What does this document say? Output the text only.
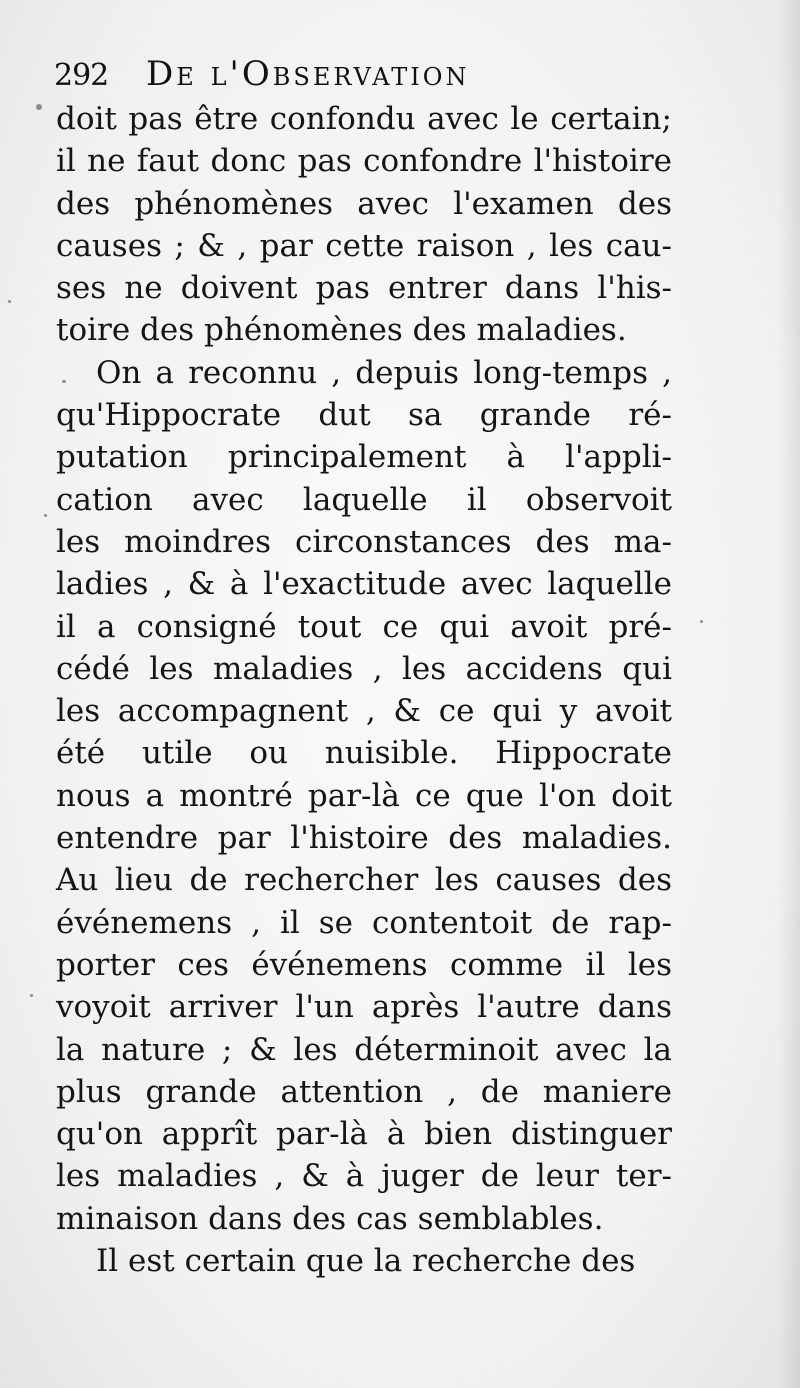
292 De l'Observation
doit pas être confondu avec le certain;
il ne faut donc pas confondre l'histoire
des phénomènes avec l'examen des
causes ; & , par cette raison , les cau-
ses ne doivent pas entrer dans l'his-
toire des phénomènes des maladies.
On a reconnu , depuis long-temps ,
qu'Hippocrate dut sa grande ré-
putation principalement à l'appli-
cation avec laquelle il observoit
les moindres circonstances des ma-
ladies , & à l'exactitude avec laquelle
il a consigné tout ce qui avoit pré-
cédé les maladies , les accidens qui
les accompagnent , & ce qui y avoit
été utile ou nuisible. Hippocrate
nous a montré par-là ce que l'on doit
entendre par l'histoire des maladies.
Au lieu de rechercher les causes des
événemens , il se contentoit de rap-
porter ces événemens comme il les
voyoit arriver l'un après l'autre dans
la nature ; & les déterminoit avec la
plus grande attention , de maniere
qu'on apprît par-là à bien distinguer
les maladies , & à juger de leur ter-
minaison dans des cas semblables.
Il est certain que la recherche des
